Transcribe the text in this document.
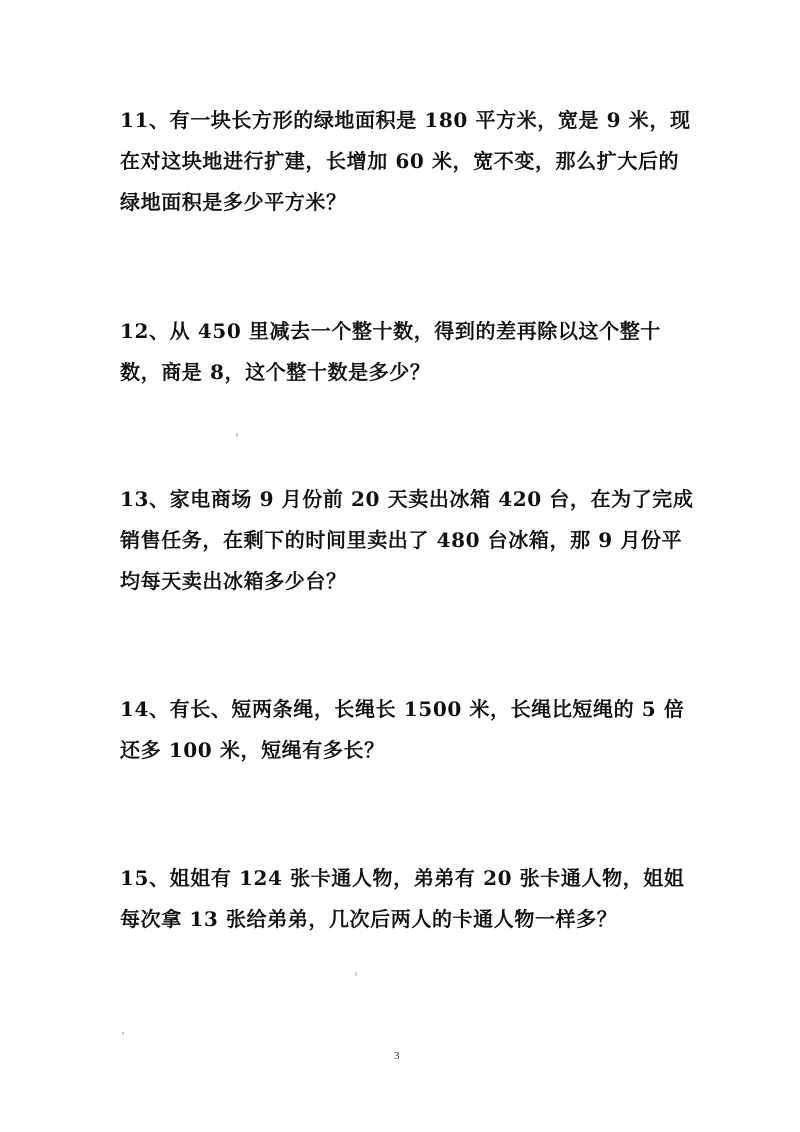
11、有一块长方形的绿地面积是 180 平方米，宽是 9 米，现在对这块地进行扩建，长增加 60 米，宽不变，那么扩大后的绿地面积是多少平方米？

12、从 450 里减去一个整十数，得到的差再除以这个整十数，商是 8，这个整十数是多少？

13、家电商场 9 月份前 20 天卖出冰箱 420 台，在为了完成销售任务，在剩下的时间里卖出了 480 台冰箱，那 9 月份平均每天卖出冰箱多少台？

14、有长、短两条绳，长绳长 1500 米，长绳比短绳的 5 倍还多 100 米，短绳有多长？

15、姐姐有 124 张卡通人物，弟弟有 20 张卡通人物，姐姐每次拿 13 张给弟弟，几次后两人的卡通人物一样多？

3
